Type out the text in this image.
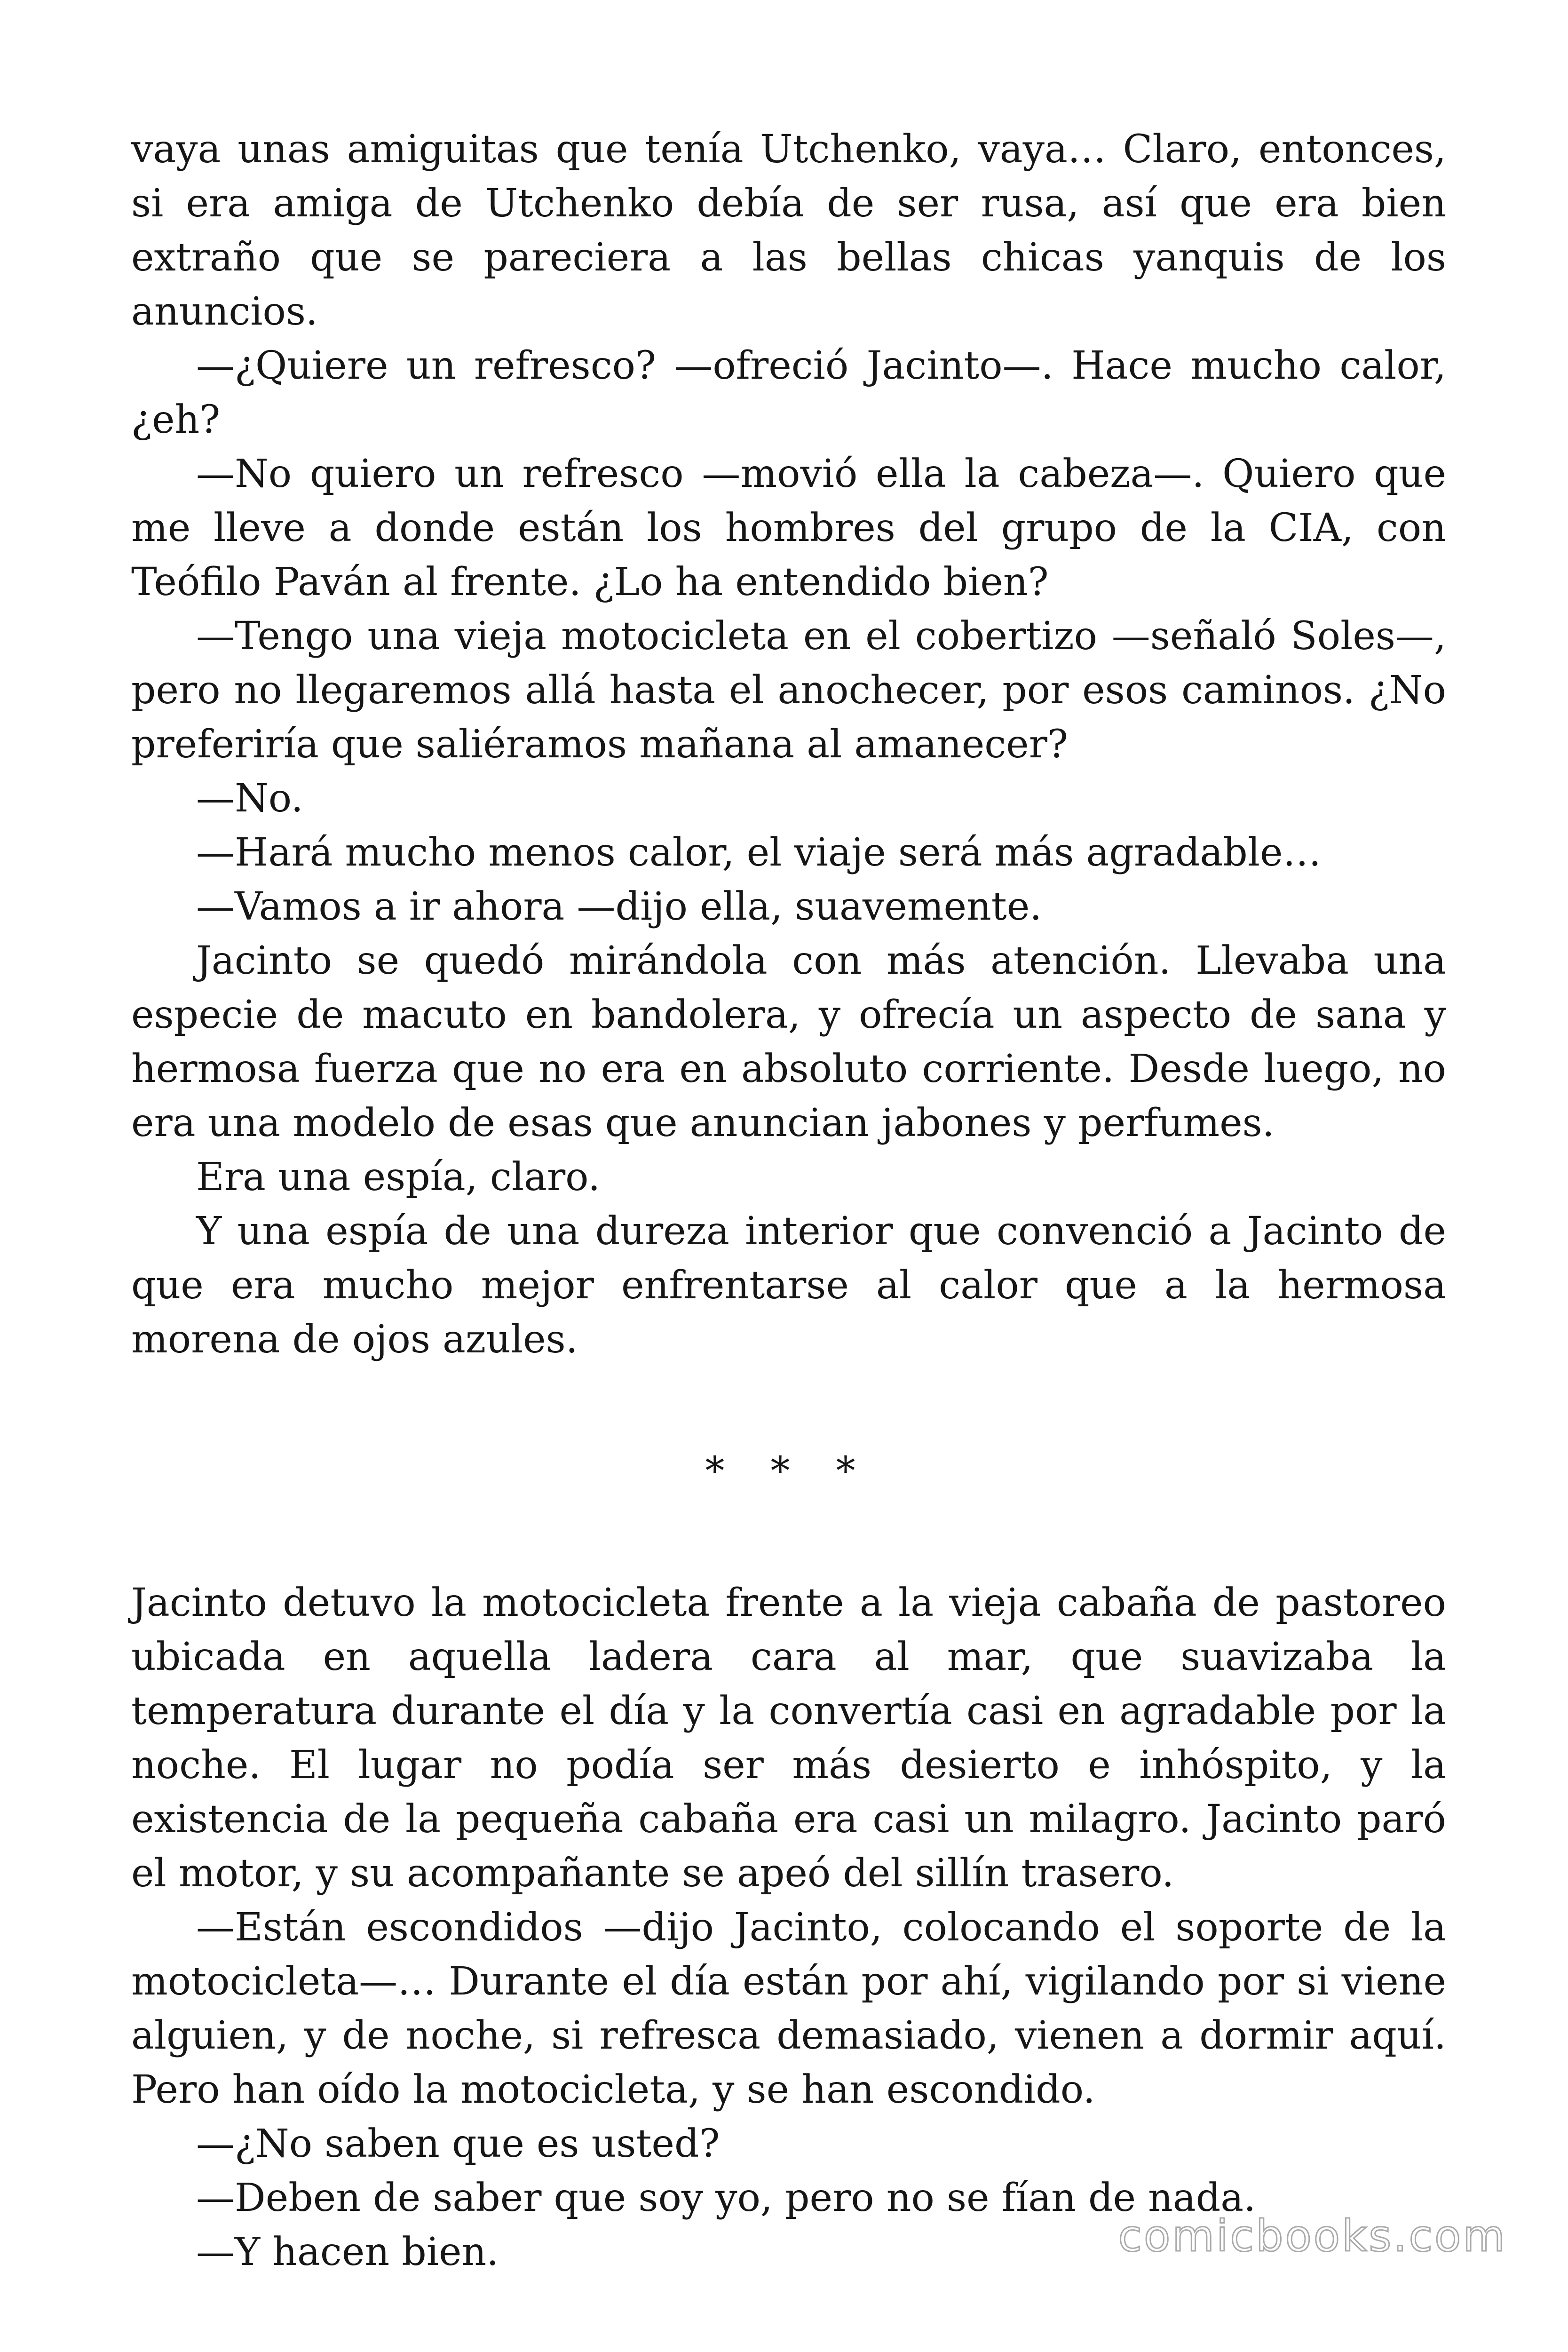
vaya unas amiguitas que tenía Utchenko, vaya… Claro, entonces, si era amiga de Utchenko debía de ser rusa, así que era bien extraño que se pareciera a las bellas chicas yanquis de los anuncios.

—¿Quiere un refresco? —ofreció Jacinto—. Hace mucho calor, ¿eh?

—No quiero un refresco —movió ella la cabeza—. Quiero que me lleve a donde están los hombres del grupo de la CIA, con Teófilo Paván al frente. ¿Lo ha entendido bien?

—Tengo una vieja motocicleta en el cobertizo —señaló Soles—, pero no llegaremos allá hasta el anochecer, por esos caminos. ¿No preferiría que saliéramos mañana al amanecer?

—No.

—Hará mucho menos calor, el viaje será más agradable…

—Vamos a ir ahora —dijo ella, suavemente.

Jacinto se quedó mirándola con más atención. Llevaba una especie de macuto en bandolera, y ofrecía un aspecto de sana y hermosa fuerza que no era en absoluto corriente. Desde luego, no era una modelo de esas que anuncian jabones y perfumes.

Era una espía, claro.

Y una espía de una dureza interior que convenció a Jacinto de que era mucho mejor enfrentarse al calor que a la hermosa morena de ojos azules.

* * *

Jacinto detuvo la motocicleta frente a la vieja cabaña de pastoreo ubicada en aquella ladera cara al mar, que suavizaba la temperatura durante el día y la convertía casi en agradable por la noche. El lugar no podía ser más desierto e inhóspito, y la existencia de la pequeña cabaña era casi un milagro. Jacinto paró el motor, y su acompañante se apeó del sillín trasero.

—Están escondidos —dijo Jacinto, colocando el soporte de la motocicleta—… Durante el día están por ahí, vigilando por si viene alguien, y de noche, si refresca demasiado, vienen a dormir aquí. Pero han oído la motocicleta, y se han escondido.

—¿No saben que es usted?

—Deben de saber que soy yo, pero no se fían de nada.

—Y hacen bien.	comicbooks.com
